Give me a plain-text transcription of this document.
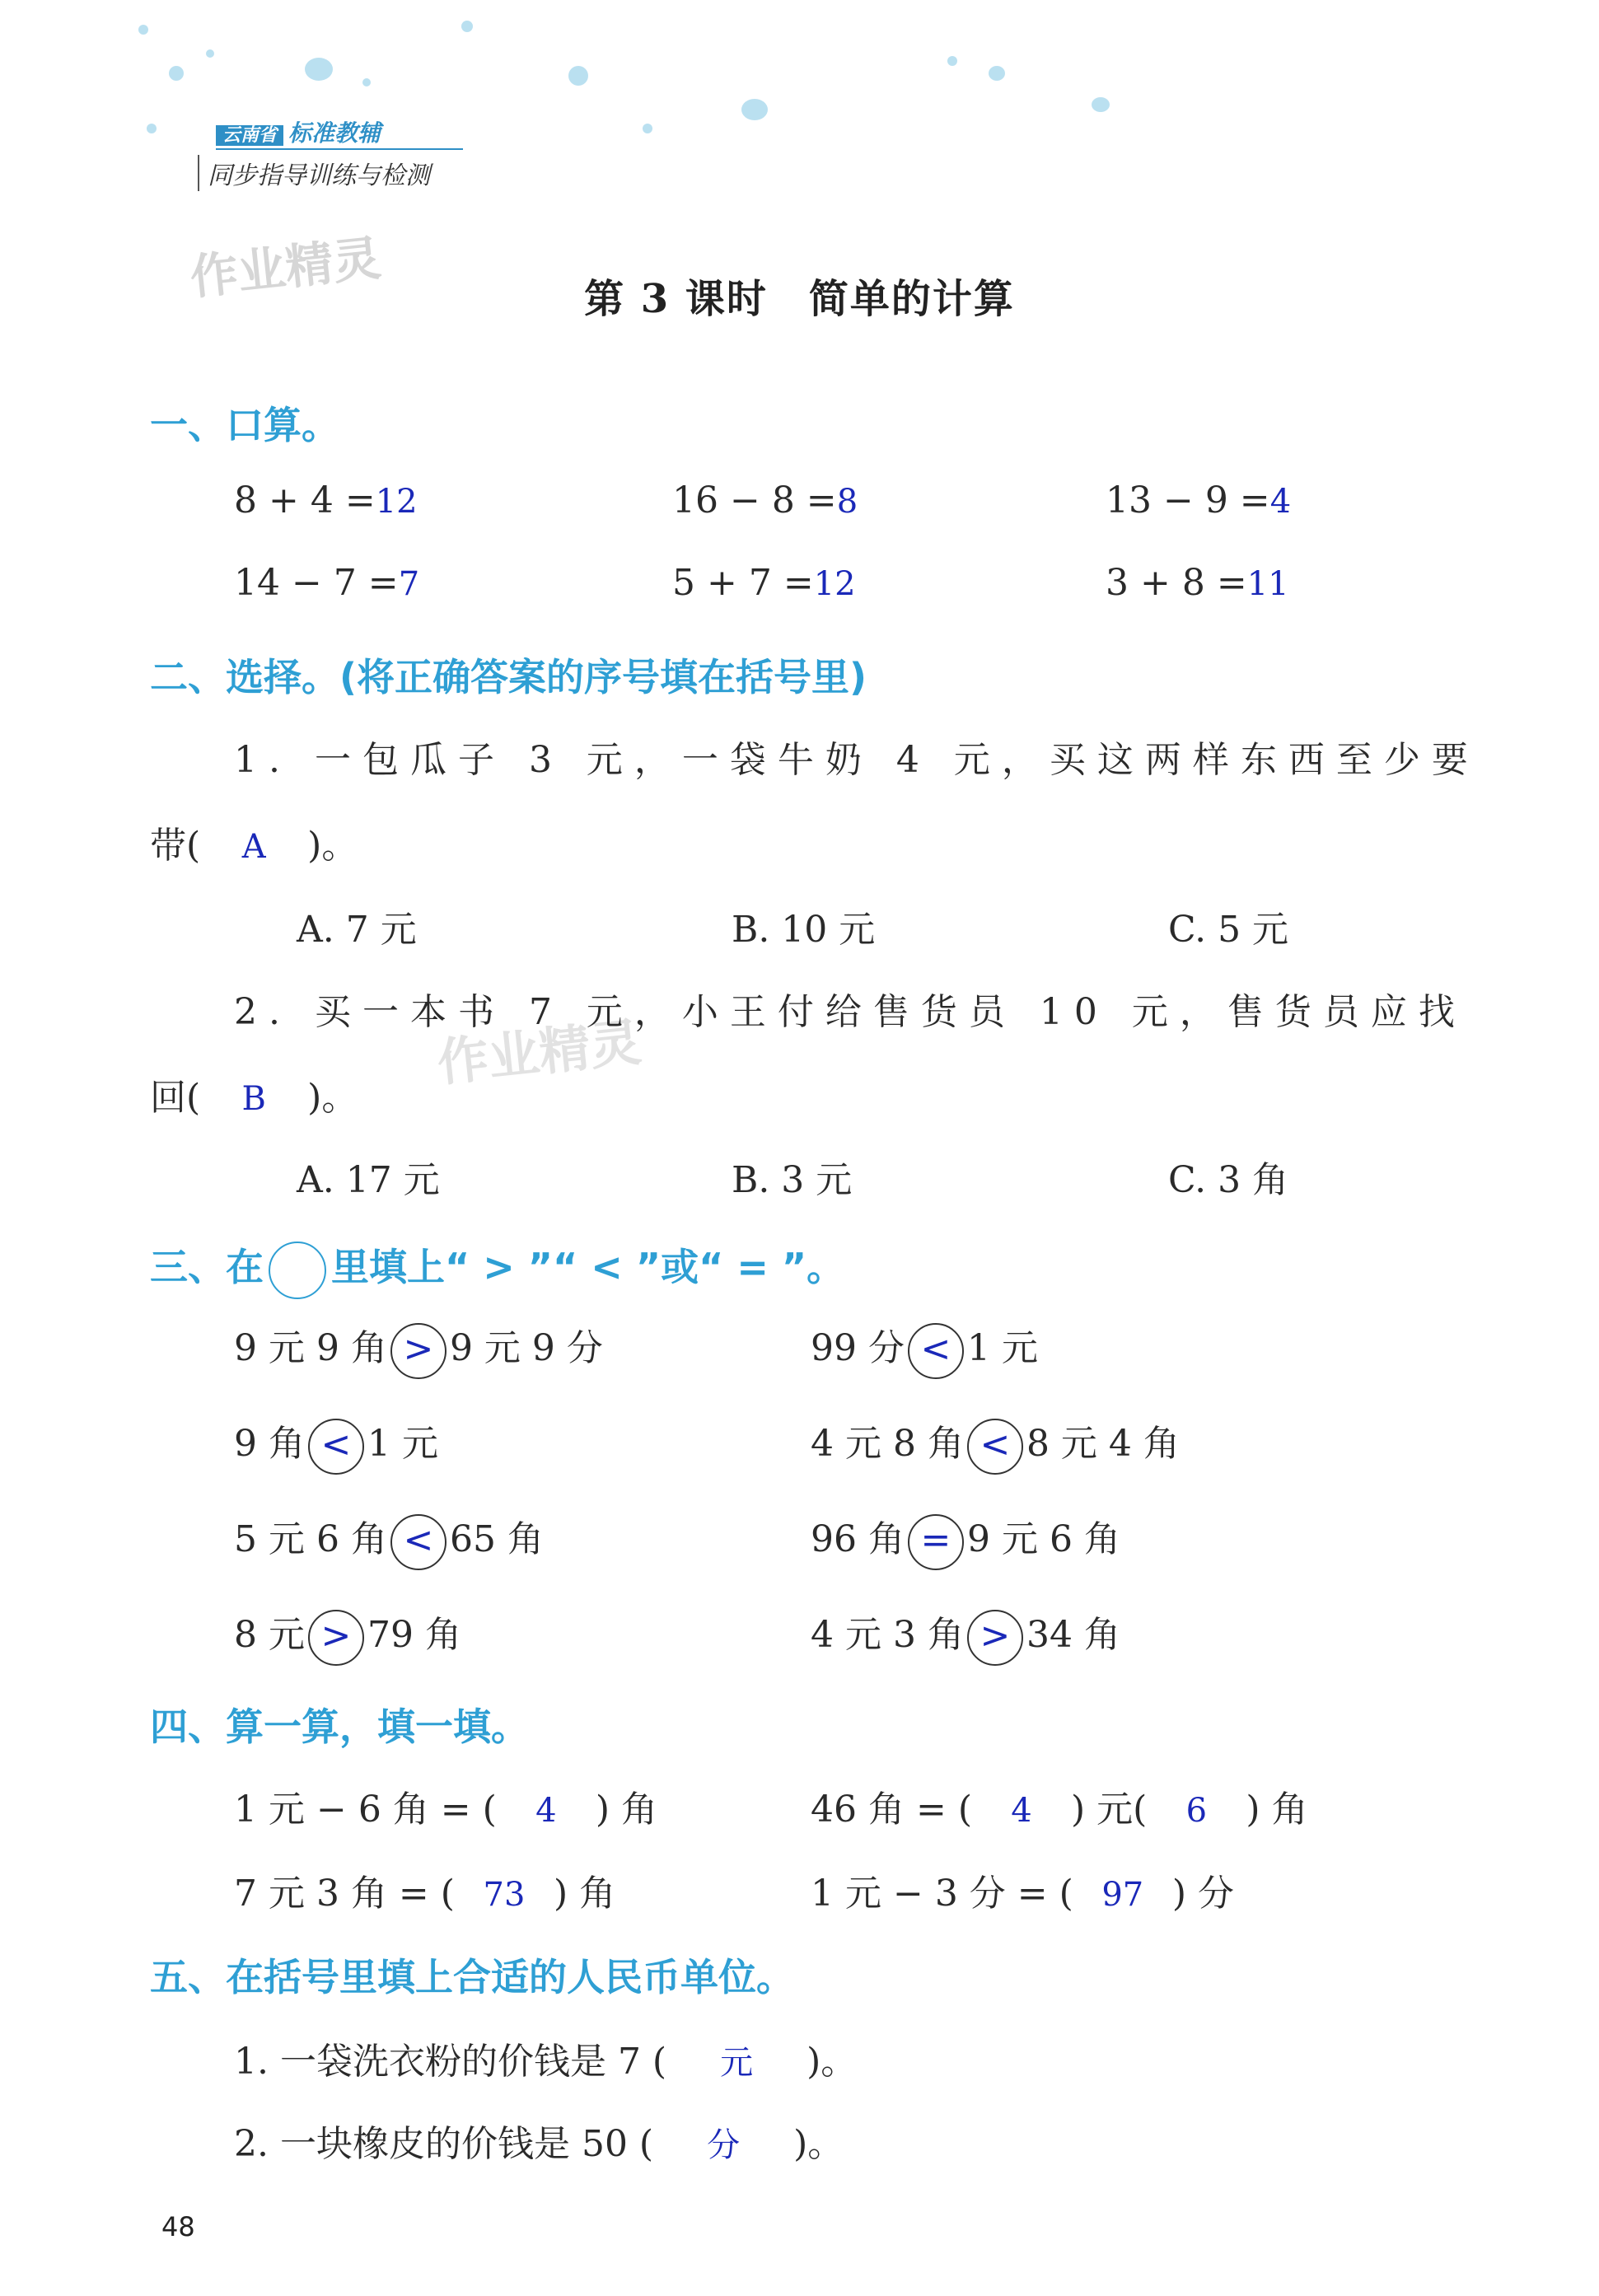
云南省 标准教辅
同步指导训练与检测
作业精灵
作业精灵
第 3 课时　简单的计算
一、口算。
8 + 4 =12	16 − 8 =8	13 − 9 =4
14 − 7 =7	5 + 7 =12	3 + 8 =11
二、选择。(将正确答案的序号填在括号里)
1. 一包瓜子 3 元，一袋牛奶 4 元，买这两样东西至少要
带( A )。
A. 7 元	B. 10 元	C. 5 元
2. 买一本书 7 元，小王付给售货员 10 元，售货员应找
回( B )。
A. 17 元	B. 3 元	C. 3 角
三、在 里填上“ > ”“ < ”或“ = ”。
9 元 9 角 > 9 元 9 分	99 分 < 1 元
9 角 < 1 元	4 元 8 角 < 8 元 4 角
5 元 6 角 < 65 角	96 角 = 9 元 6 角
8 元 > 79 角	4 元 3 角 > 34 角
四、算一算，填一填。
1 元 − 6 角 = ( 4 ) 角	46 角 = ( 4 ) 元( 6 ) 角
7 元 3 角 = ( 73 ) 角	1 元 − 3 分 = ( 97 ) 分
五、在括号里填上合适的人民币单位。
1. 一袋洗衣粉的价钱是 7 ( 元 )。
2. 一块橡皮的价钱是 50 ( 分 )。
48
